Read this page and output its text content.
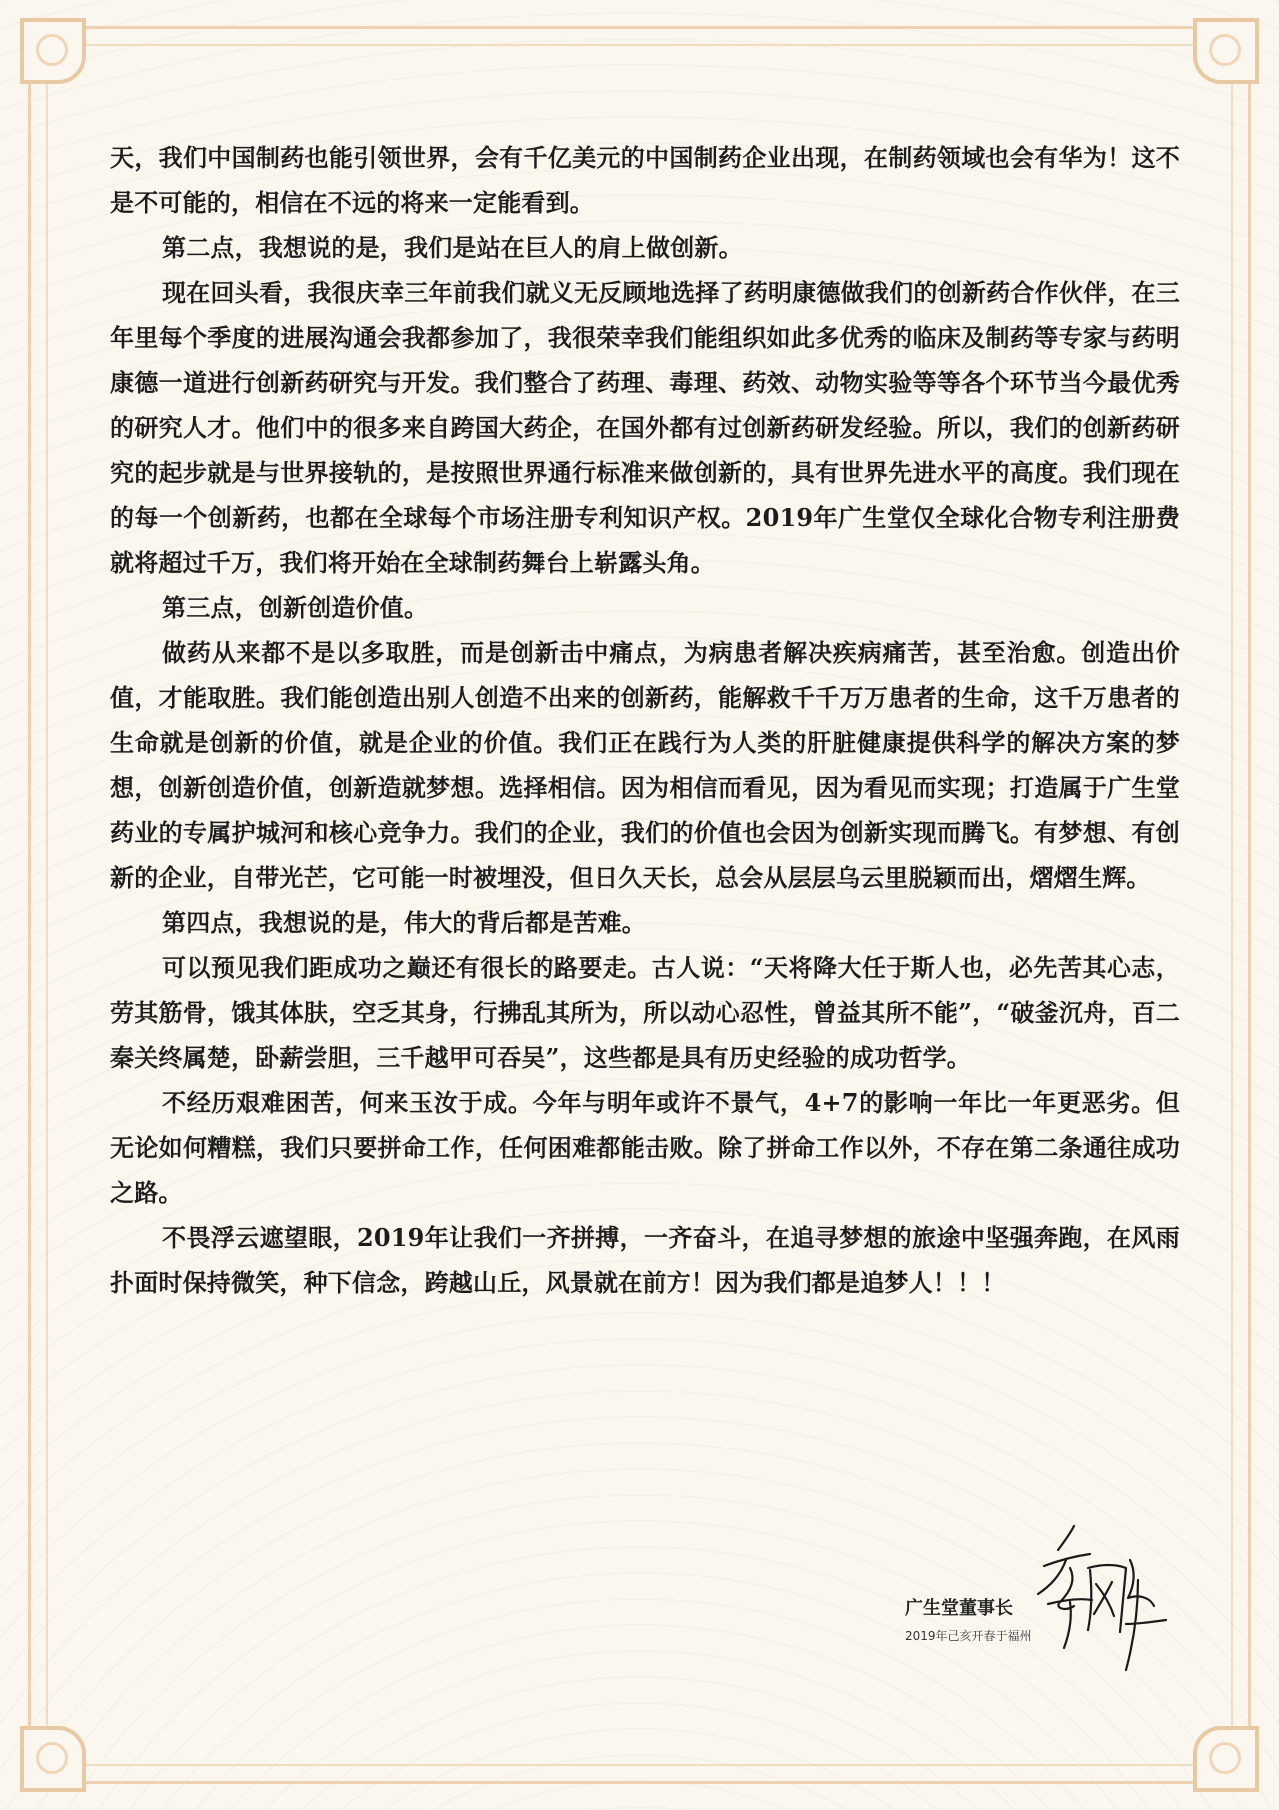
天，我们中国制药也能引领世界，会有千亿美元的中国制药企业出现，在制药领域也会有华为！这不是不可能的，相信在不远的将来一定能看到。

第二点，我想说的是，我们是站在巨人的肩上做创新。

现在回头看，我很庆幸三年前我们就义无反顾地选择了药明康德做我们的创新药合作伙伴，在三年里每个季度的进展沟通会我都参加了，我很荣幸我们能组织如此多优秀的临床及制药等专家与药明康德一道进行创新药研究与开发。我们整合了药理、毒理、药效、动物实验等等各个环节当今最优秀的研究人才。他们中的很多来自跨国大药企，在国外都有过创新药研发经验。所以，我们的创新药研究的起步就是与世界接轨的，是按照世界通行标准来做创新的，具有世界先进水平的高度。我们现在的每一个创新药，也都在全球每个市场注册专利知识产权。2019年广生堂仅全球化合物专利注册费就将超过千万，我们将开始在全球制药舞台上崭露头角。

第三点，创新创造价值。

做药从来都不是以多取胜，而是创新击中痛点，为病患者解决疾病痛苦，甚至治愈。创造出价值，才能取胜。我们能创造出别人创造不出来的创新药，能解救千千万万患者的生命，这千万患者的生命就是创新的价值，就是企业的价值。我们正在践行为人类的肝脏健康提供科学的解决方案的梦想，创新创造价值，创新造就梦想。选择相信。因为相信而看见，因为看见而实现；打造属于广生堂药业的专属护城河和核心竞争力。我们的企业，我们的价值也会因为创新实现而腾飞。有梦想、有创新的企业，自带光芒，它可能一时被埋没，但日久天长，总会从层层乌云里脱颖而出，熠熠生辉。

第四点，我想说的是，伟大的背后都是苦难。

可以预见我们距成功之巅还有很长的路要走。古人说：“天将降大任于斯人也，必先苦其心志，劳其筋骨，饿其体肤，空乏其身，行拂乱其所为，所以动心忍性，曾益其所不能”，“破釜沉舟，百二秦关终属楚，卧薪尝胆，三千越甲可吞吴”，这些都是具有历史经验的成功哲学。

不经历艰难困苦，何来玉汝于成。今年与明年或许不景气，4+7的影响一年比一年更恶劣。但无论如何糟糕，我们只要拼命工作，任何困难都能击败。除了拼命工作以外，不存在第二条通往成功之路。

不畏浮云遮望眼，2019年让我们一齐拼搏，一齐奋斗，在追寻梦想的旅途中坚强奔跑，在风雨扑面时保持微笑，种下信念，跨越山丘，风景就在前方！因为我们都是追梦人！！！

广生堂董事长
2019年己亥开春于福州
